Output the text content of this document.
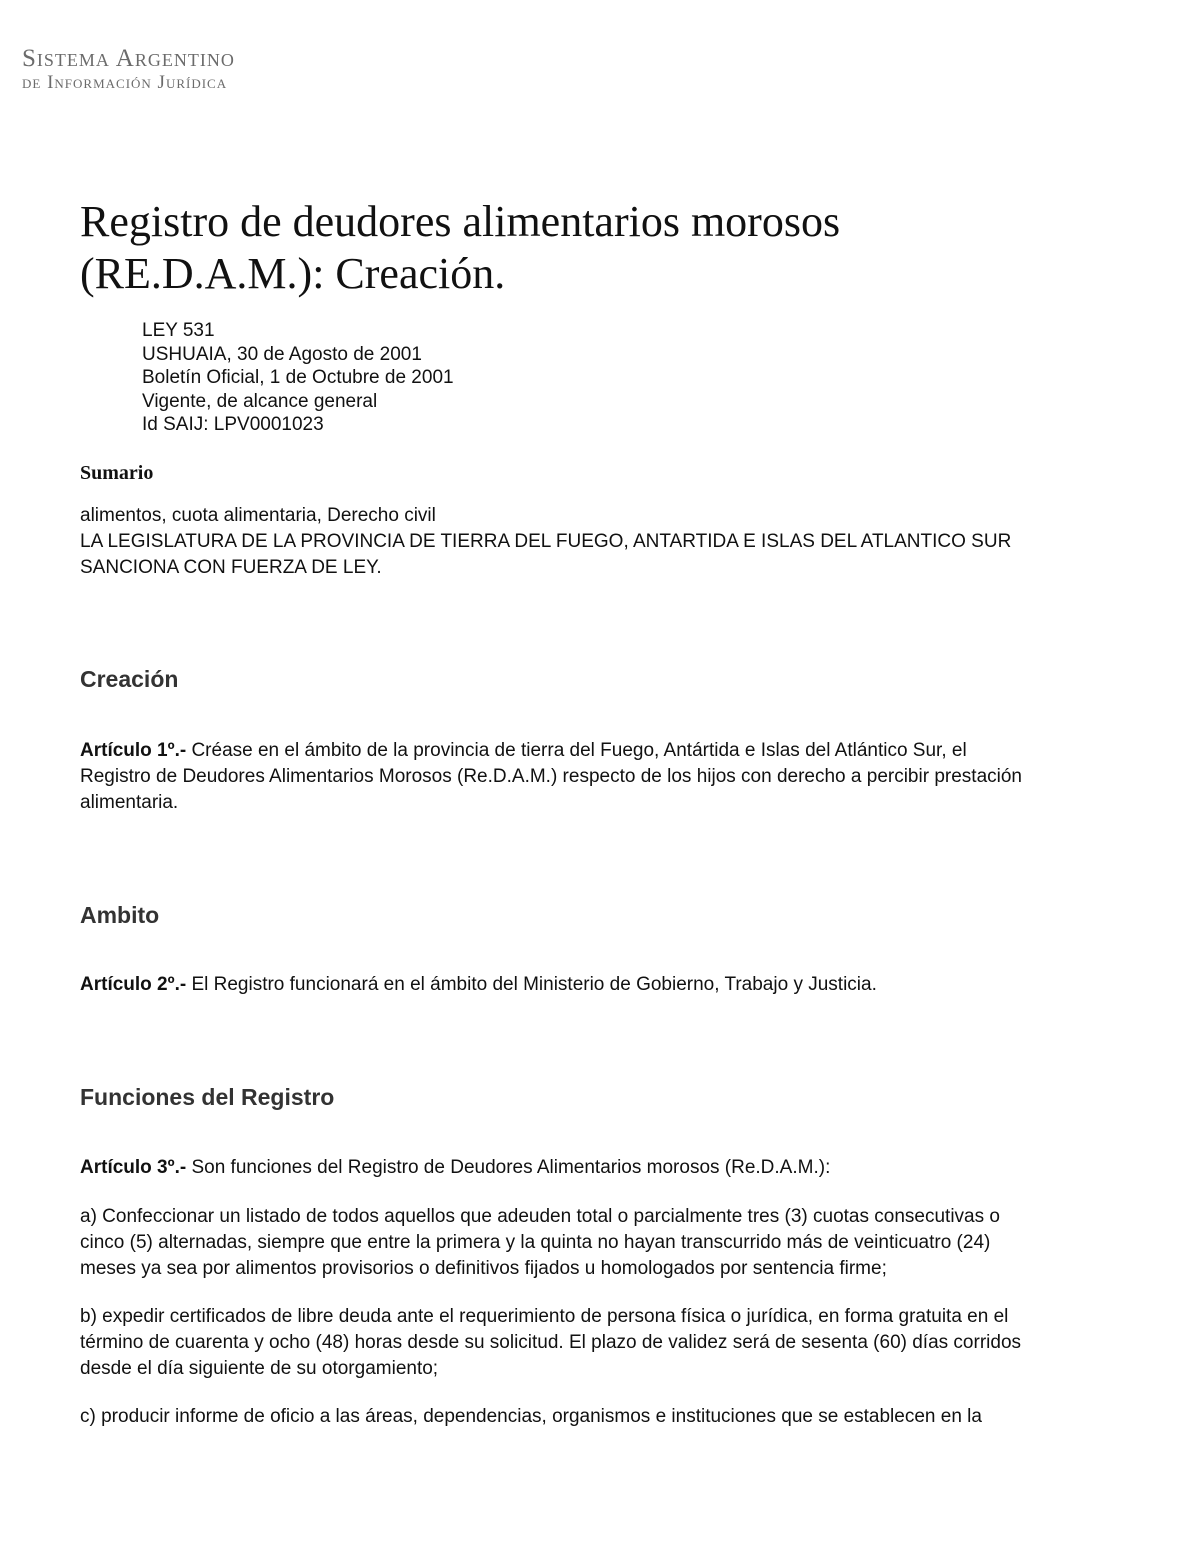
Sistema Argentino
de Información Jurídica
Registro de deudores alimentarios morosos
(RE.D.A.M.): Creación.
LEY 531
USHUAIA, 30 de Agosto de 2001
Boletín Oficial, 1 de Octubre de 2001
Vigente, de alcance general
Id SAIJ: LPV0001023
Sumario

alimentos, cuota alimentaria, Derecho civil
LA LEGISLATURA DE LA PROVINCIA DE TIERRA DEL FUEGO, ANTARTIDA E ISLAS DEL ATLANTICO SUR
SANCIONA CON FUERZA DE LEY.

Creación

Artículo 1º.- Créase en el ámbito de la provincia de tierra del Fuego, Antártida e Islas del Atlántico Sur, el
Registro de Deudores Alimentarios Morosos (Re.D.A.M.) respecto de los hijos con derecho a percibir prestación
alimentaria.

Ambito

Artículo 2º.- El Registro funcionará en el ámbito del Ministerio de Gobierno, Trabajo y Justicia.

Funciones del Registro

Artículo 3º.- Son funciones del Registro de Deudores Alimentarios morosos (Re.D.A.M.):

a) Confeccionar un listado de todos aquellos que adeuden total o parcialmente tres (3) cuotas consecutivas o
cinco (5) alternadas, siempre que entre la primera y la quinta no hayan transcurrido más de veinticuatro (24)
meses ya sea por alimentos provisorios o definitivos fijados u homologados por sentencia firme;

b) expedir certificados de libre deuda ante el requerimiento de persona física o jurídica, en forma gratuita en el
término de cuarenta y ocho (48) horas desde su solicitud. El plazo de validez será de sesenta (60) días corridos
desde el día siguiente de su otorgamiento;

c) producir informe de oficio a las áreas, dependencias, organismos e instituciones que se establecen en la
